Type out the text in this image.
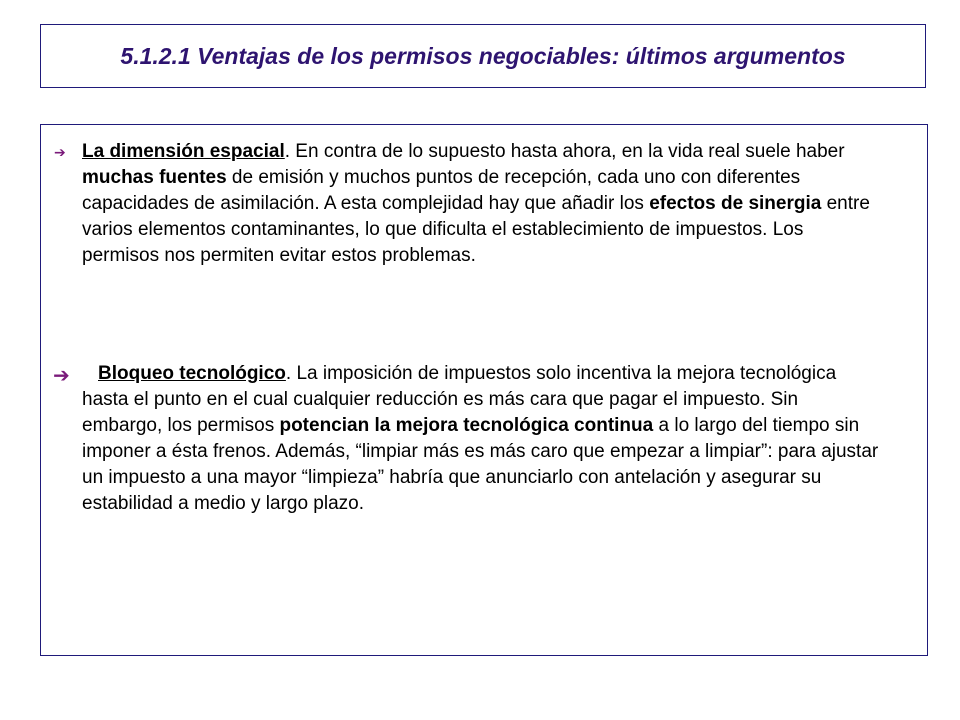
5.1.2.1 Ventajas de los permisos negociables: últimos argumentos
➔ La dimensión espacial. En contra de lo supuesto hasta ahora, en la vida real suele haber muchas fuentes de emisión y muchos puntos de recepción, cada uno con diferentes capacidades de asimilación. A esta complejidad hay que añadir los efectos de sinergia entre varios elementos contaminantes, lo que dificulta el establecimiento de impuestos. Los permisos nos permiten evitar estos problemas.
➔	Bloqueo tecnológico. La imposición de impuestos solo incentiva la mejora tecnológica hasta el punto en el cual cualquier reducción es más cara que pagar el impuesto. Sin embargo, los permisos potencian la mejora tecnológica continua a lo largo del tiempo sin imponer a ésta frenos. Además, “limpiar más es más caro que empezar a limpiar”: para ajustar un impuesto a una mayor “limpieza” habría que anunciarlo con antelación y asegurar su estabilidad a medio y largo plazo.
